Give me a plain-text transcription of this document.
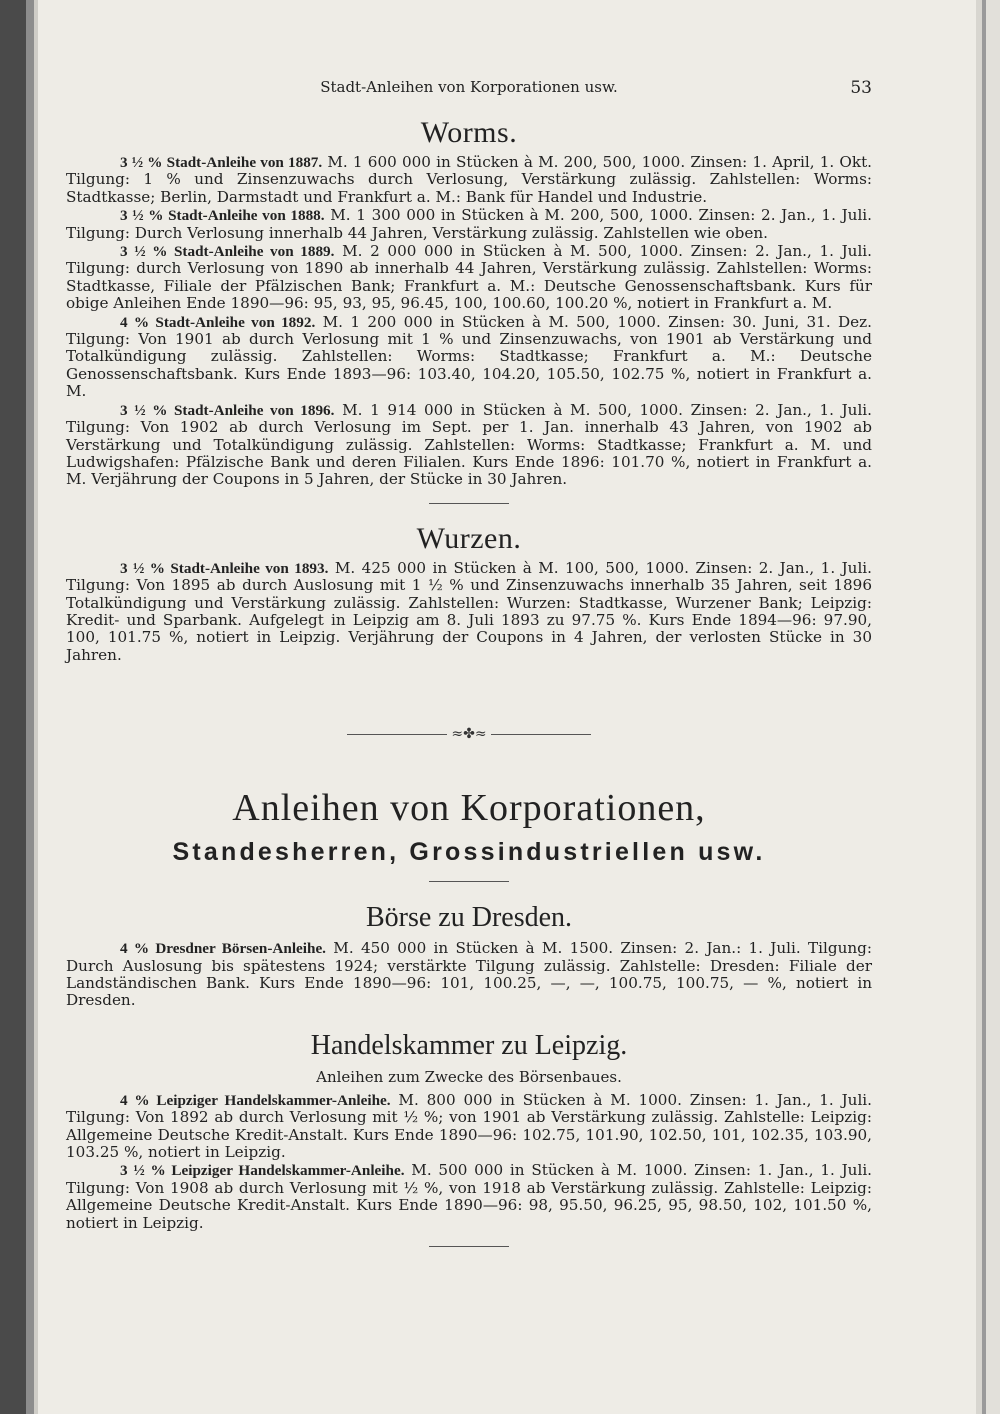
Stadt-Anleihen von Korporationen usw.	53
Worms.

3 ½ % Stadt-Anleihe von 1887. M. 1 600 000 in Stücken à M. 200, 500, 1000. Zinsen: 1. April, 1. Okt. Tilgung: 1 % und Zinsenzuwachs durch Verlosung, Verstärkung zulässig. Zahlstellen: Worms: Stadtkasse; Berlin, Darmstadt und Frankfurt a. M.: Bank für Handel und Industrie.

3 ½ % Stadt-Anleihe von 1888. M. 1 300 000 in Stücken à M. 200, 500, 1000. Zinsen: 2. Jan., 1. Juli. Tilgung: Durch Verlosung innerhalb 44 Jahren, Verstärkung zulässig. Zahlstellen wie oben.

3 ½ % Stadt-Anleihe von 1889. M. 2 000 000 in Stücken à M. 500, 1000. Zinsen: 2. Jan., 1. Juli. Tilgung: durch Verlosung von 1890 ab innerhalb 44 Jahren, Verstärkung zulässig. Zahlstellen: Worms: Stadtkasse, Filiale der Pfälzischen Bank; Frankfurt a. M.: Deutsche Genossenschaftsbank. Kurs für obige Anleihen Ende 1890—96: 95, 93, 95, 96.45, 100, 100.60, 100.20 %, notiert in Frankfurt a. M.

4 % Stadt-Anleihe von 1892. M. 1 200 000 in Stücken à M. 500, 1000. Zinsen: 30. Juni, 31. Dez. Tilgung: Von 1901 ab durch Verlosung mit 1 % und Zinsenzuwachs, von 1901 ab Verstärkung und Totalkündigung zulässig. Zahlstellen: Worms: Stadtkasse; Frankfurt a. M.: Deutsche Genossenschaftsbank. Kurs Ende 1893—96: 103.40, 104.20, 105.50, 102.75 %, notiert in Frankfurt a. M.

3 ½ % Stadt-Anleihe von 1896. M. 1 914 000 in Stücken à M. 500, 1000. Zinsen: 2. Jan., 1. Juli. Tilgung: Von 1902 ab durch Verlosung im Sept. per 1. Jan. innerhalb 43 Jahren, von 1902 ab Verstärkung und Totalkündigung zulässig. Zahlstellen: Worms: Stadtkasse; Frankfurt a. M. und Ludwigshafen: Pfälzische Bank und deren Filialen. Kurs Ende 1896: 101.70 %, notiert in Frankfurt a. M. Verjährung der Coupons in 5 Jahren, der Stücke in 30 Jahren.

Wurzen.

3 ½ % Stadt-Anleihe von 1893. M. 425 000 in Stücken à M. 100, 500, 1000. Zinsen: 2. Jan., 1. Juli. Tilgung: Von 1895 ab durch Auslosung mit 1 ½ % und Zinsenzuwachs innerhalb 35 Jahren, seit 1896 Totalkündigung und Verstärkung zulässig. Zahlstellen: Wurzen: Stadtkasse, Wurzener Bank; Leipzig: Kredit- und Sparbank. Aufgelegt in Leipzig am 8. Juli 1893 zu 97.75 %. Kurs Ende 1894—96: 97.90, 100, 101.75 %, notiert in Leipzig. Verjährung der Coupons in 4 Jahren, der verlosten Stücke in 30 Jahren.

≈✤≈
Anleihen von Korporationen,
Standesherren, Grossindustriellen usw.
Börse zu Dresden.

4 % Dresdner Börsen-Anleihe. M. 450 000 in Stücken à M. 1500. Zinsen: 2. Jan.: 1. Juli. Tilgung: Durch Auslosung bis spätestens 1924; verstärkte Tilgung zulässig. Zahlstelle: Dresden: Filiale der Landständischen Bank. Kurs Ende 1890—96: 101, 100.25, —, —, 100.75, 100.75, — %, notiert in Dresden.

Handelskammer zu Leipzig.
Anleihen zum Zwecke des Börsenbaues.

4 % Leipziger Handelskammer-Anleihe. M. 800 000 in Stücken à M. 1000. Zinsen: 1. Jan., 1. Juli. Tilgung: Von 1892 ab durch Verlosung mit ½ %; von 1901 ab Verstärkung zulässig. Zahlstelle: Leipzig: Allgemeine Deutsche Kredit-Anstalt. Kurs Ende 1890—96: 102.75, 101.90, 102.50, 101, 102.35, 103.90, 103.25 %, notiert in Leipzig.

3 ½ % Leipziger Handelskammer-Anleihe. M. 500 000 in Stücken à M. 1000. Zinsen: 1. Jan., 1. Juli. Tilgung: Von 1908 ab durch Verlosung mit ½ %, von 1918 ab Verstärkung zulässig. Zahlstelle: Leipzig: Allgemeine Deutsche Kredit-Anstalt. Kurs Ende 1890—96: 98, 95.50, 96.25, 95, 98.50, 102, 101.50 %, notiert in Leipzig.
